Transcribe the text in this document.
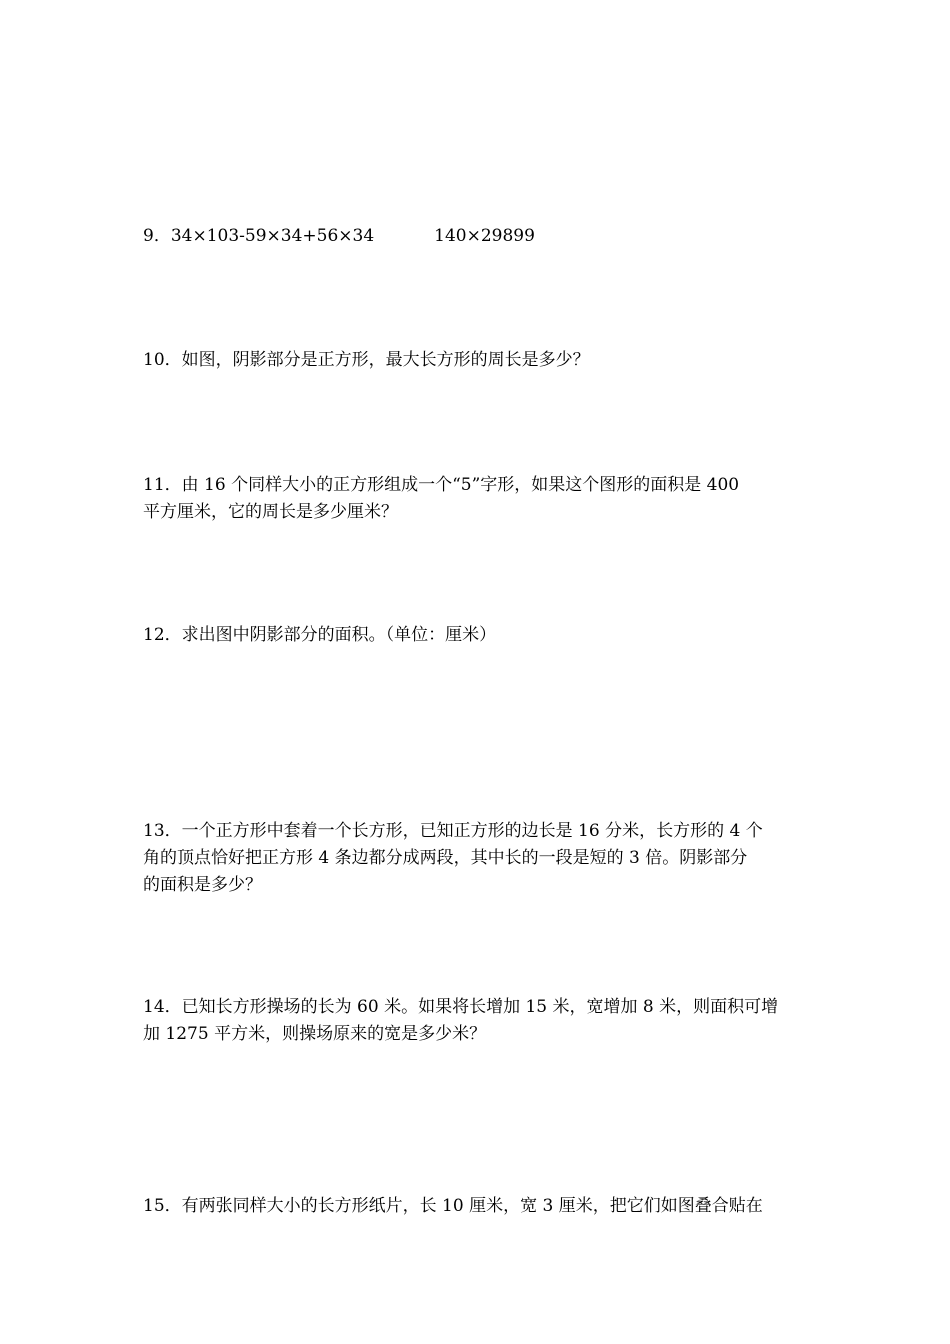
9．34×103-59×34+56×34	140×29899

10．如图，阴影部分是正方形，最大长方形的周长是多少？

11．由 16 个同样大小的正方形组成一个“5”字形，如果这个图形的面积是 400
平方厘米，它的周长是多少厘米？

12．求出图中阴影部分的面积。（单位：厘米）

13．一个正方形中套着一个长方形，已知正方形的边长是 16 分米，长方形的 4 个
角的顶点恰好把正方形 4 条边都分成两段，其中长的一段是短的 3 倍。阴影部分
的面积是多少？

14．已知长方形操场的长为 60 米。如果将长增加 15 米，宽增加 8 米，则面积可增
加 1275 平方米，则操场原来的宽是多少米？

15．有两张同样大小的长方形纸片，长 10 厘米，宽 3 厘米，把它们如图叠合贴在
